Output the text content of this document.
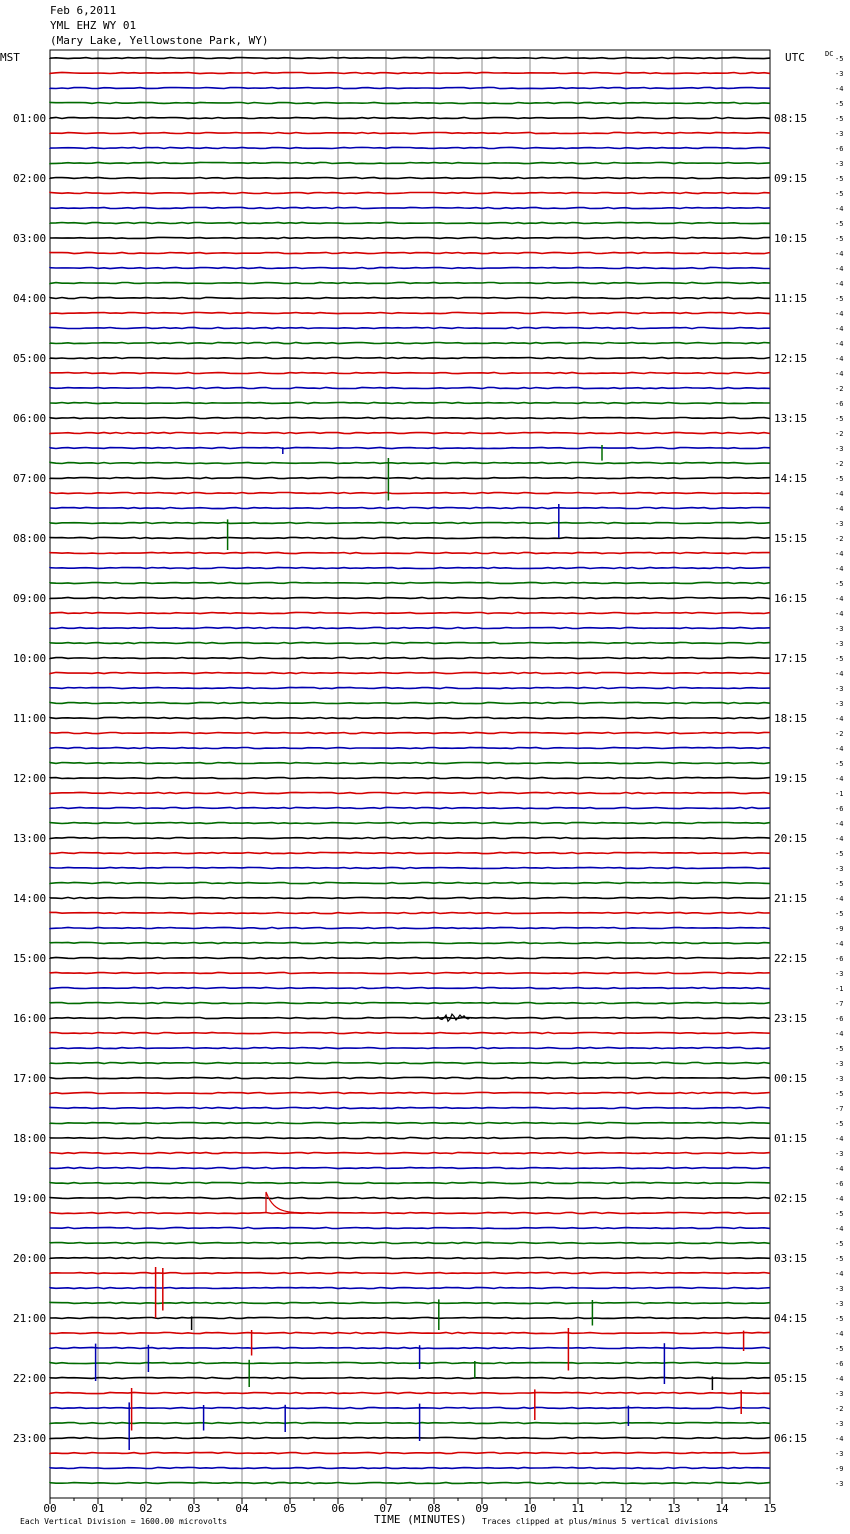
Feb 6,2011
YML EHZ WY 01
(Mary Lake, Yellowstone Park, WY)
MST
01:00
02:00
03:00
04:00
05:00
06:00
07:00
08:00
09:00
10:00
11:00
12:00
13:00
14:00
15:00
16:00
17:00
18:00
19:00
20:00
21:00
22:00
23:00
UTC
08:15
09:15
10:15
11:15
12:15
13:15
14:15
15:15
16:15
17:15
18:15
19:15
20:15
21:15
22:15
23:15
00:15
01:15
02:15
03:15
04:15
05:15
06:15
DC
-5
-3
-4
-5
-5
-3
-6
-3
-5
-5
-4
-5
-5
-4
-4
-4
-5
-4
-4
-4
-4
-4
-2
-6
-5
-2
-3
-2
-5
-4
-4
-3
-2
-4
-4
-5
-4
-4
-3
-3
-5
-4
-3
-3
-4
-2
-4
-5
-4
-1
-6
-4
-4
-5
-3
-5
-4
-5
-9
-4
-6
-3
-1
-7
-6
-4
-5
-3
-3
-5
-7
-5
-4
-3
-4
-6
-4
-5
-4
-5
-5
-4
-3
-3
-5
-4
-5
-6
-4
-3
-2
-3
-4
-3
-9
-3
00	01	02	03	04	05	06	07	08	09	10	11	12	13	14	15
Each Vertical Division = 1600.00 microvolts	TIME (MINUTES) Traces clipped at plus/minus 5 vertical divisions
